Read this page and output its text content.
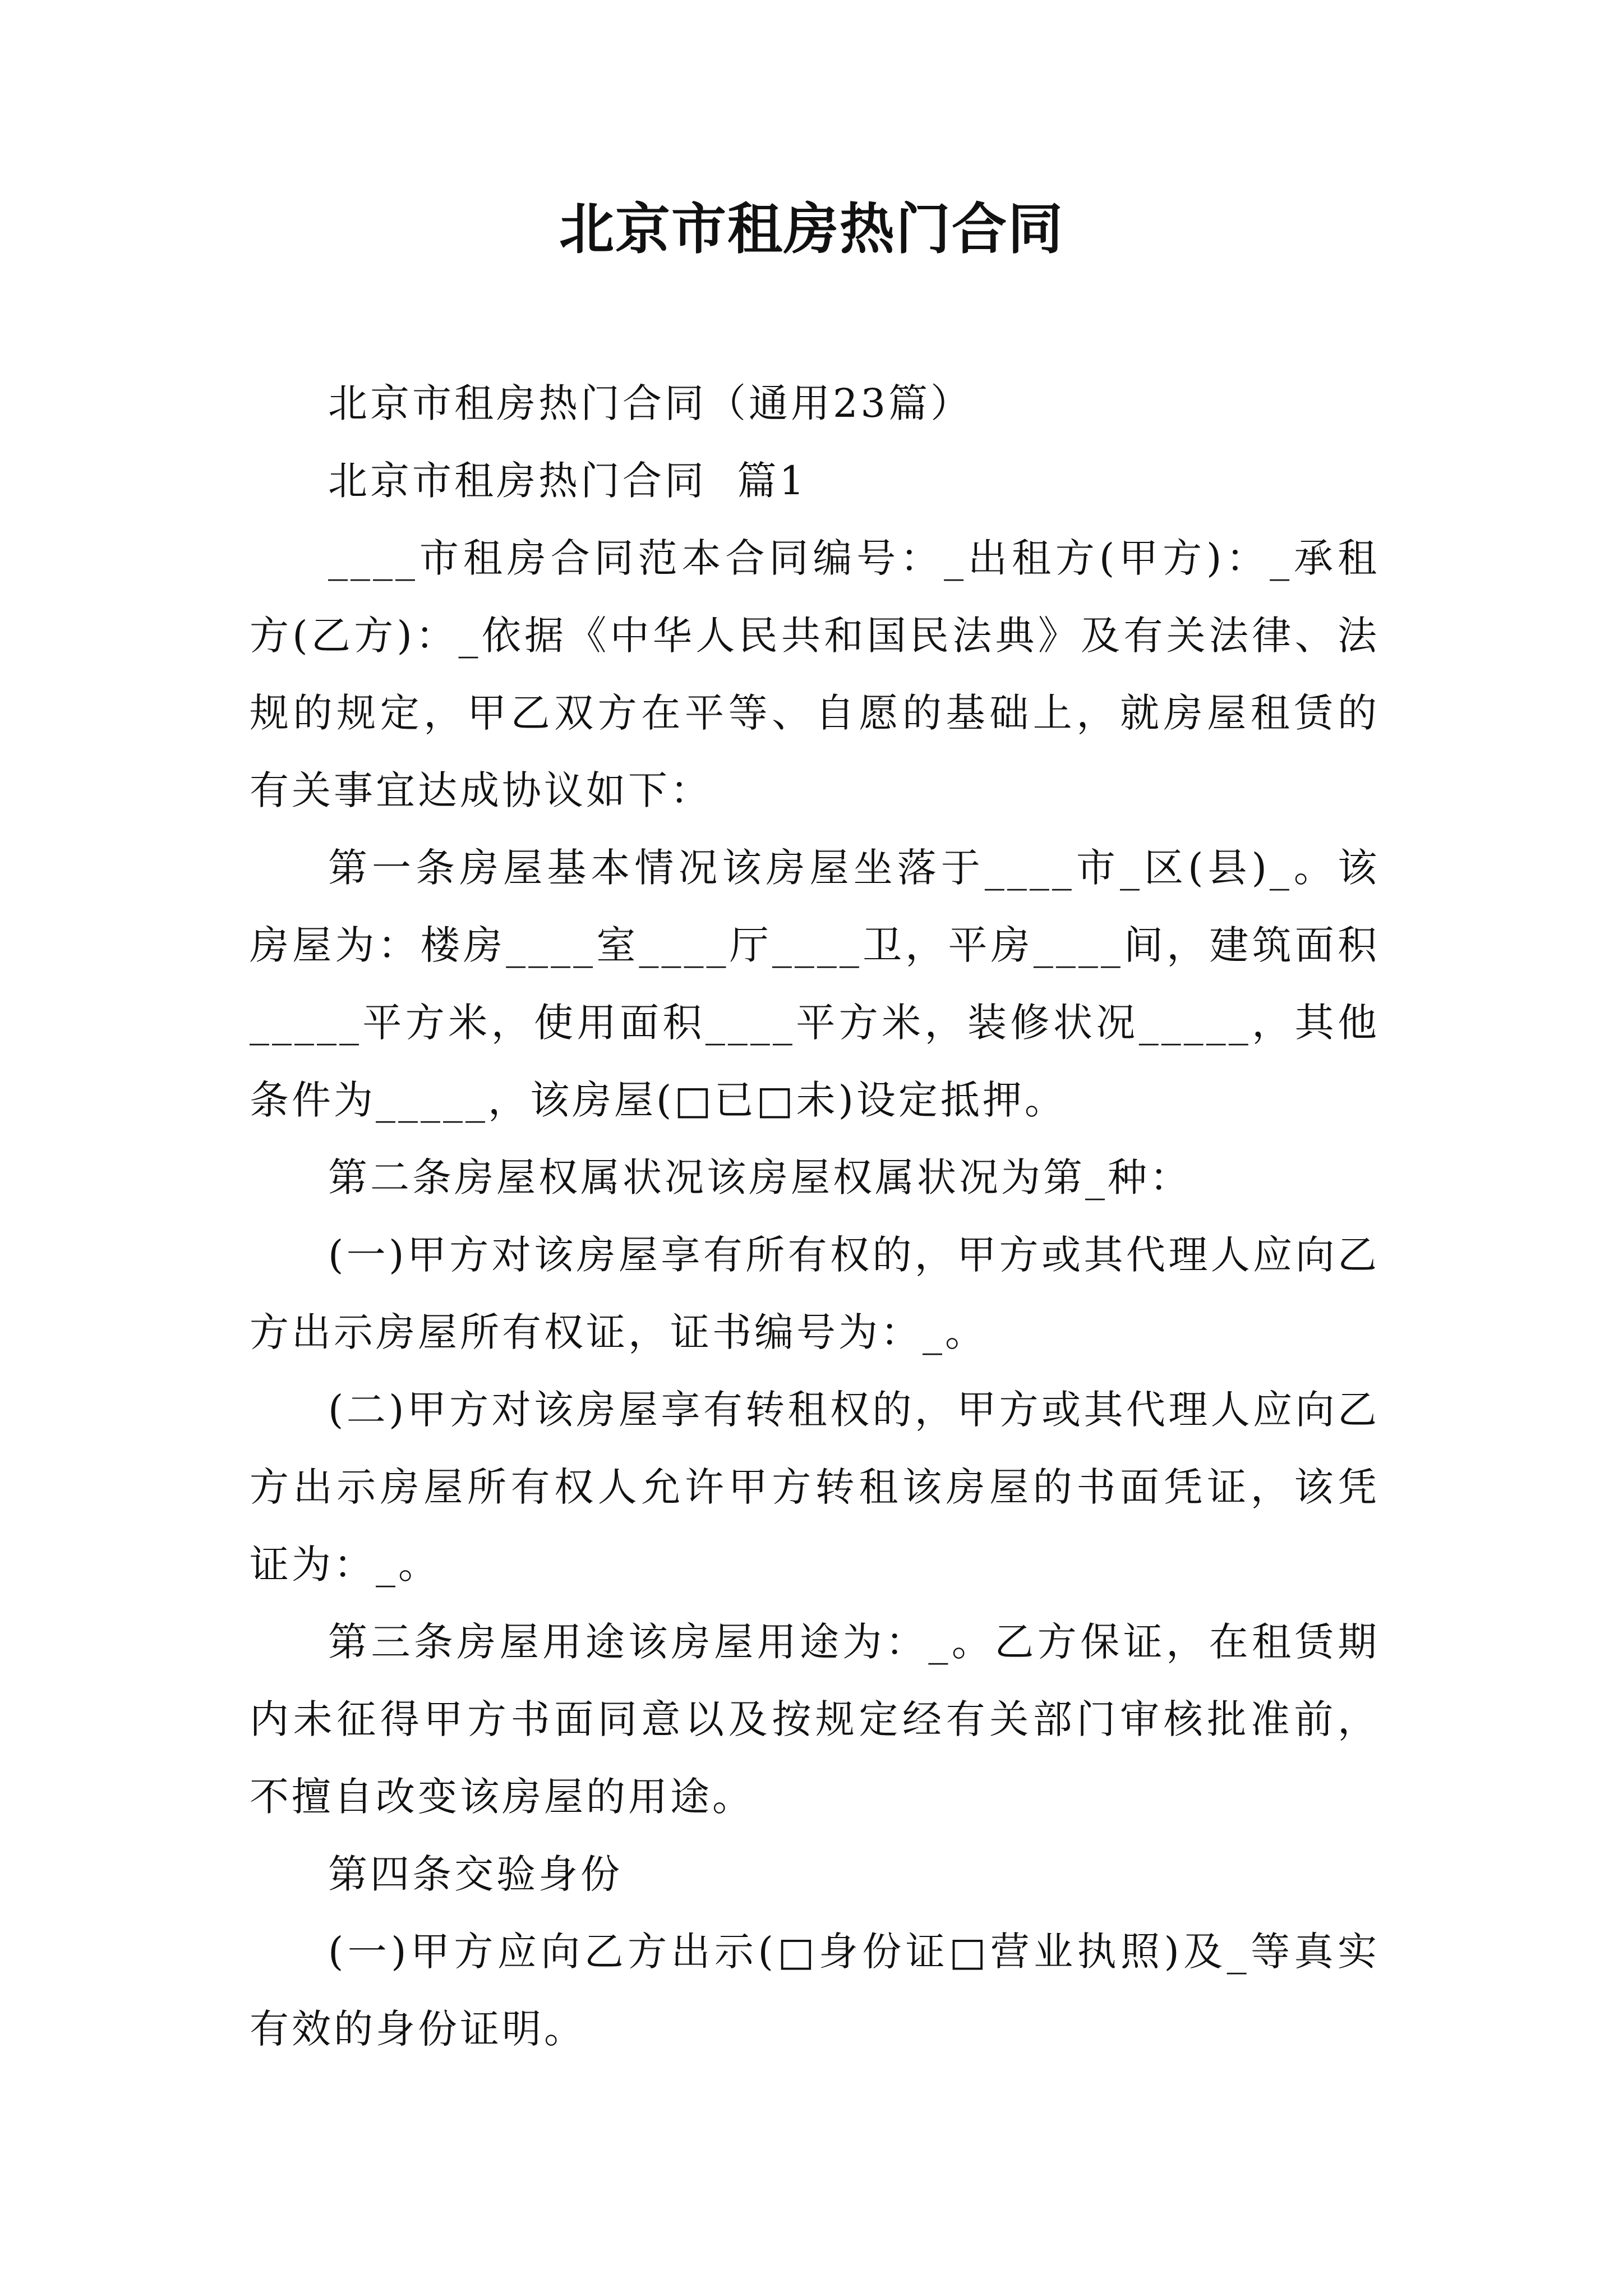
北京市租房热门合同

北京市租房热门合同（通用23篇）

北京市租房热门合同  篇1

____市租房合同范本合同编号：_出租方(甲方)：_承租方(乙方)：_依据《中华人民共和国民法典》及有关法律、法规的规定，甲乙双方在平等、自愿的基础上，就房屋租赁的有关事宜达成协议如下：

第一条房屋基本情况该房屋坐落于____市_区(县)_。该房屋为：楼房____室____厅____卫，平房____间，建筑面积_____平方米，使用面积____平方米，装修状况_____，其他条件为_____，该房屋(□已□未)设定抵押。

第二条房屋权属状况该房屋权属状况为第_种：

(一)甲方对该房屋享有所有权的，甲方或其代理人应向乙方出示房屋所有权证，证书编号为：_。

(二)甲方对该房屋享有转租权的，甲方或其代理人应向乙方出示房屋所有权人允许甲方转租该房屋的书面凭证，该凭证为：_。

第三条房屋用途该房屋用途为：_。乙方保证，在租赁期内未征得甲方书面同意以及按规定经有关部门审核批准前，不擅自改变该房屋的用途。

第四条交验身份

(一)甲方应向乙方出示(□身份证□营业执照)及_等真实有效的身份证明。
